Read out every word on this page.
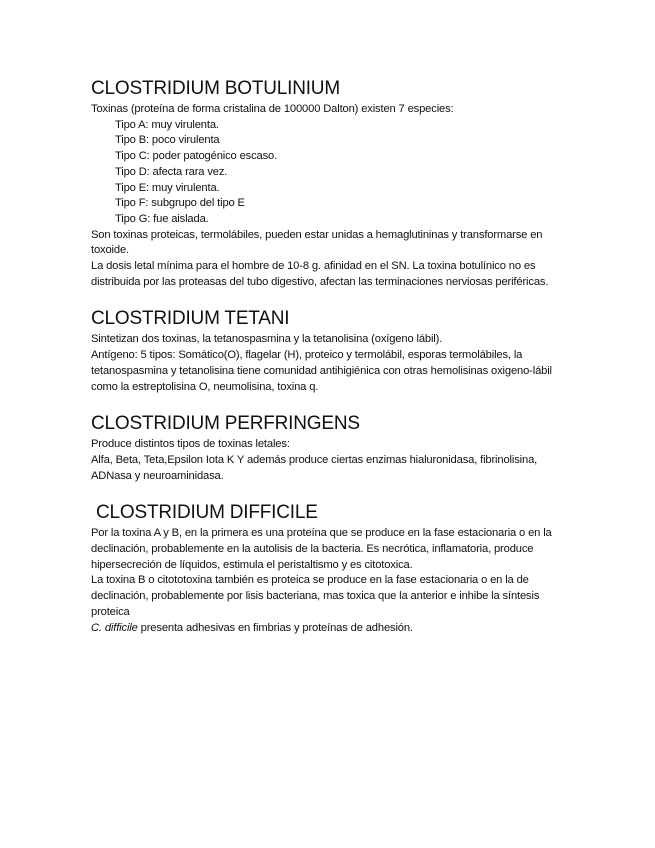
CLOSTRIDIUM BOTULINIUM

Toxinas (proteína de forma cristalina de 100000 Dalton) existen 7 especies:

Tipo A: muy virulenta.
Tipo B: poco virulenta
Tipo C: poder patogénico escaso.
Tipo D: afecta rara vez.
Tipo E: muy virulenta.
Tipo F: subgrupo del tipo E
Tipo G: fue aislada.

Son toxinas proteicas, termolábiles, pueden estar unidas a hemaglutininas y transformarse en toxoide.

La dosis letal mínima para el hombre de 10-8 g. afinidad en el SN. La toxina botulínico no es distribuida por las proteasas del tubo digestivo, afectan las terminaciones nerviosas periféricas.

CLOSTRIDIUM TETANI

Sintetizan dos toxinas, la tetanospasmina y la tetanolisina (oxígeno lábil).

Antígeno: 5 tipos: Somático(O), flagelar (H), proteico y termolábil, esporas termolábiles, la tetanospasmina y tetanolisina tiene comunidad antihigiénica con otras hemolisinas oxigeno-lábil como la estreptolisina O, neumolisina, toxina q.

CLOSTRIDIUM PERFRINGENS

Produce distintos tipos de toxinas letales:

Alfa, Beta, Teta,Epsilon Iota K Y además produce ciertas enzimas hialuronidasa, fibrinolisina, ADNasa y neuroaminidasa.

CLOSTRIDIUM DIFFICILE

Por la toxina A y B, en la primera es una proteína que se produce en la fase estacionaria o en la declinación, probablemente en la autolisis de la bacteria. Es necrótica, inflamatoria, produce hipersecreción de líquidos, estimula el peristaltismo y es citotoxica.

La toxina B o citototoxina también es proteica se produce en la fase estacionaria o en la de declinación, probablemente por lisis bacteriana, mas toxica que la anterior e inhibe la síntesis proteica

C. difficile presenta adhesivas en fimbrias y proteínas de adhesión.
